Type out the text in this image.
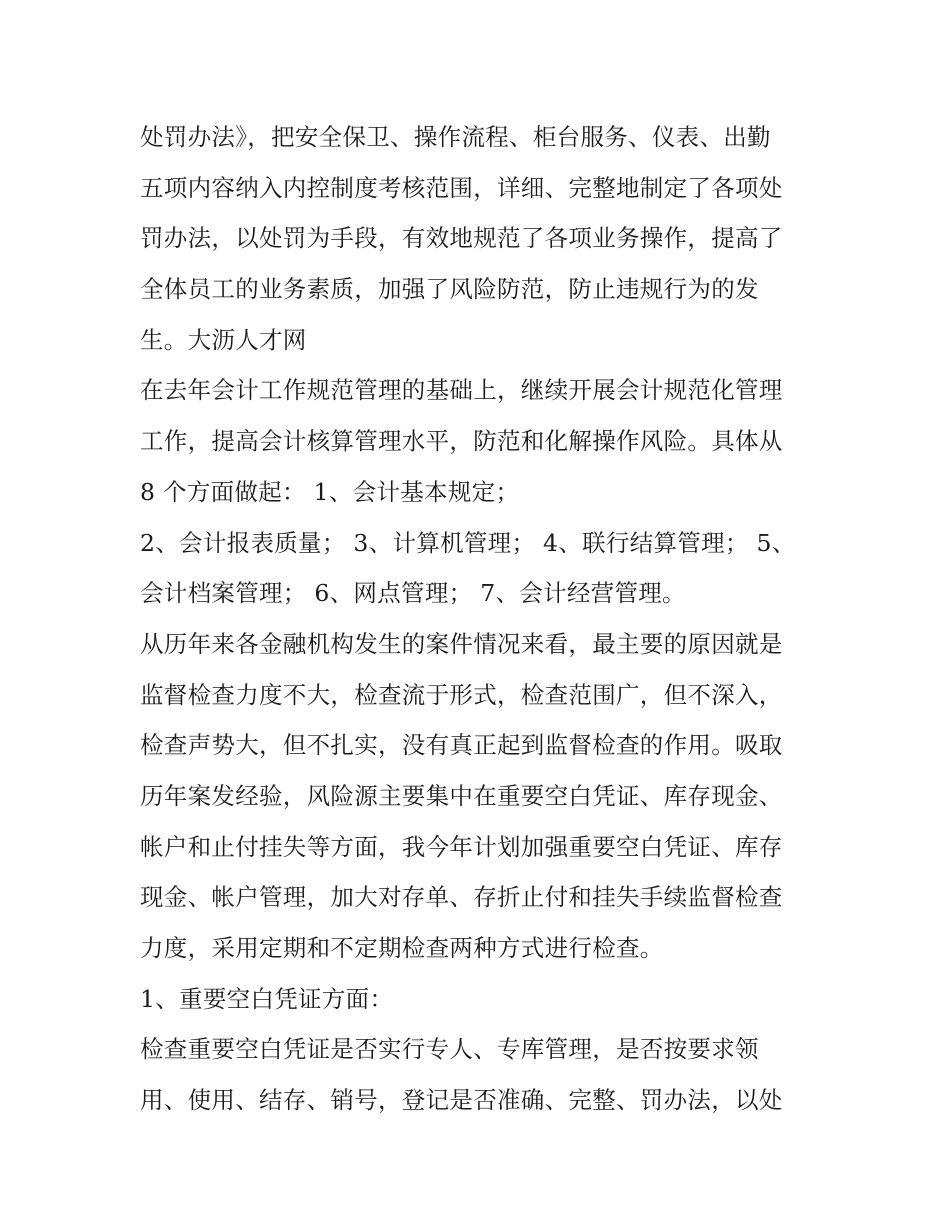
处罚办法》，把安全保卫、操作流程、柜台服务、仪表、出勤
五项内容纳入内控制度考核范围，详细、完整地制定了各项处
罚办法，以处罚为手段，有效地规范了各项业务操作，提高了
全体员工的业务素质，加强了风险防范，防止违规行为的发
生。大沥人才网
在去年会计工作规范管理的基础上，继续开展会计规范化管理
工作，提高会计核算管理水平，防范和化解操作风险。具体从
8 个方面做起： 1、会计基本规定；
2、会计报表质量； 3、计算机管理； 4、联行结算管理； 5、
会计档案管理； 6、网点管理； 7、会计经营管理。
从历年来各金融机构发生的案件情况来看，最主要的原因就是
监督检查力度不大，检查流于形式，检查范围广，但不深入，
检查声势大，但不扎实，没有真正起到监督检查的作用。吸取
历年案发经验，风险源主要集中在重要空白凭证、库存现金、
帐户和止付挂失等方面，我今年计划加强重要空白凭证、库存
现金、帐户管理，加大对存单、存折止付和挂失手续监督检查
力度，采用定期和不定期检查两种方式进行检查。
1、重要空白凭证方面：
检查重要空白凭证是否实行专人、专库管理，是否按要求领
用、使用、结存、销号，登记是否准确、完整、罚办法，以处
